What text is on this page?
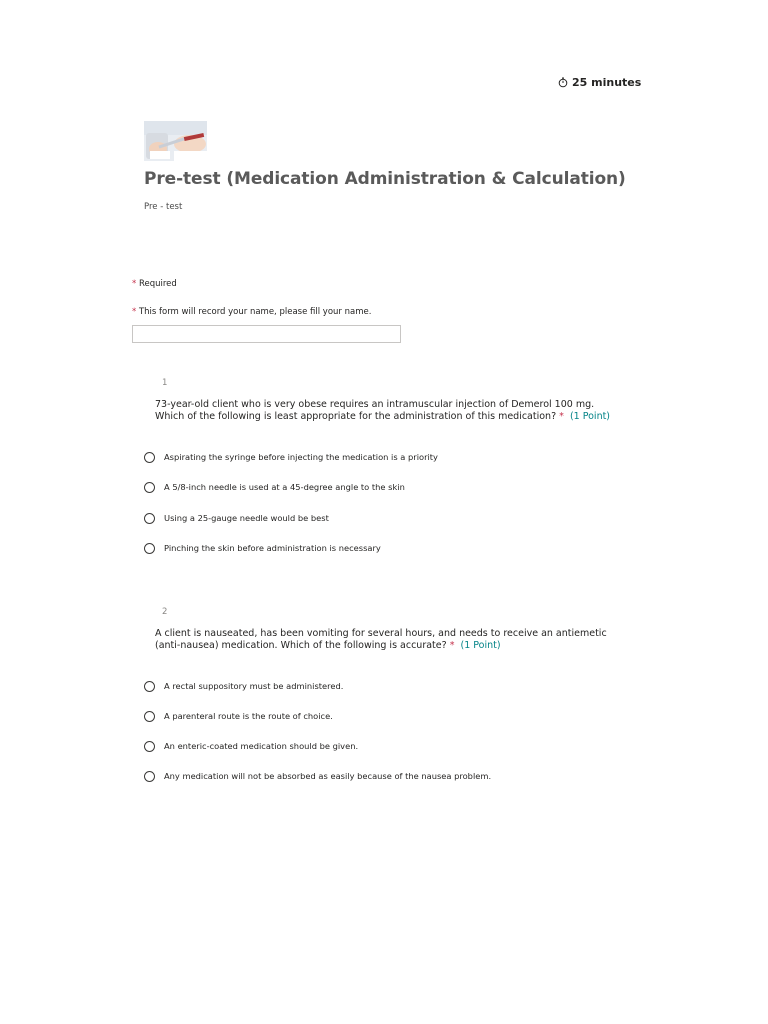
25 minutes
Pre-test (Medication Administration & Calculation)
Pre - test
* Required
* This form will record your name, please fill your name.
1
73-year-old client who is very obese requires an intramuscular injection of Demerol 100 mg. Which of the following is least appropriate for the administration of this medication? * (1 Point)
Aspirating the syringe before injecting the medication is a priority
A 5/8-inch needle is used at a 45-degree angle to the skin
Using a 25-gauge needle would be best
Pinching the skin before administration is necessary
2
A client is nauseated, has been vomiting for several hours, and needs to receive an antiemetic (anti-nausea) medication. Which of the following is accurate? * (1 Point)
A rectal suppository must be administered.
A parenteral route is the route of choice.
An enteric-coated medication should be given.
Any medication will not be absorbed as easily because of the nausea problem.
